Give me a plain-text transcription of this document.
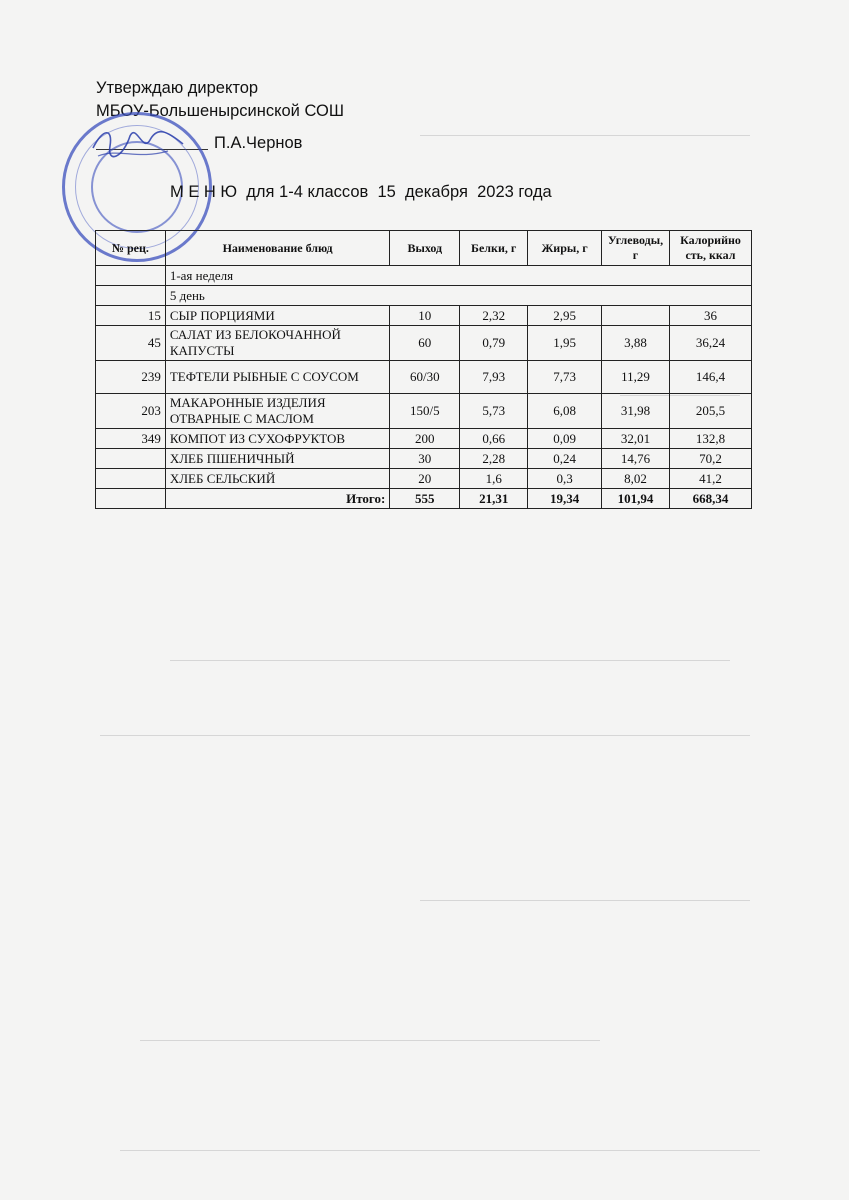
Утверждаю директор
МБОУ-Большенырсинской СОШ
П.А.Чернов
М Е Н Ю  для 1-4 классов  15  декабря  2023 года
№ рец.	Наименование блюд	Выход	Белки, г	Жиры, г	Углеводы, г	Калорийно сть, ккал
	1-ая неделя					
	5 день					
15	СЫР ПОРЦИЯМИ	10	2,32	2,95		36
45	САЛАТ ИЗ БЕЛОКОЧАННОЙ КАПУСТЫ	60	0,79	1,95	3,88	36,24
239	ТЕФТЕЛИ РЫБНЫЕ С СОУСОМ	60/30	7,93	7,73	11,29	146,4
203	МАКАРОННЫЕ ИЗДЕЛИЯ ОТВАРНЫЕ С МАСЛОМ	150/5	5,73	6,08	31,98	205,5
349	КОМПОТ ИЗ СУХОФРУКТОВ	200	0,66	0,09	32,01	132,8
	ХЛЕБ ПШЕНИЧНЫЙ	30	2,28	0,24	14,76	70,2
	ХЛЕБ СЕЛЬСКИЙ	20	1,6	0,3	8,02	41,2
	Итого:	555	21,31	19,34	101,94	668,34
